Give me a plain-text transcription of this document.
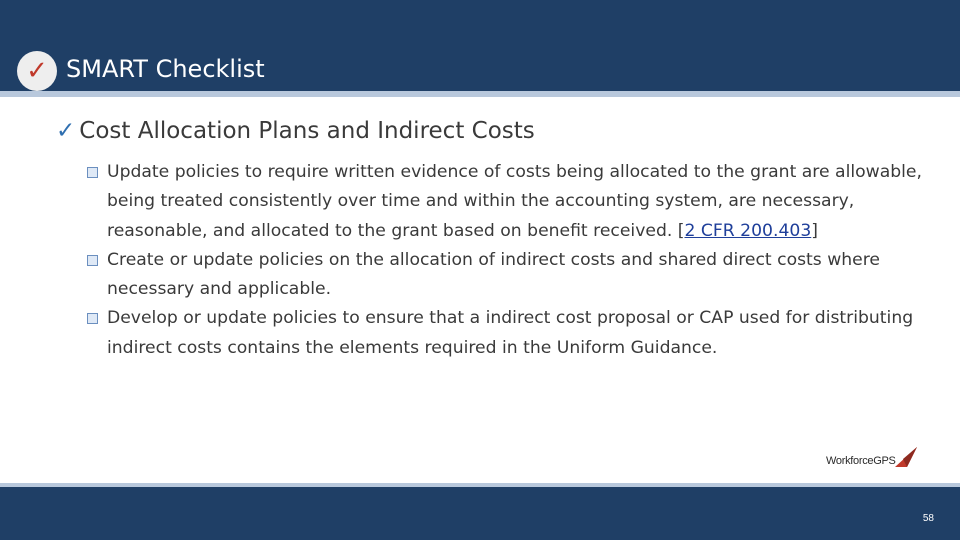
✓ SMART Checklist
✓ Cost Allocation Plans and Indirect Costs
Update policies to require written evidence of costs being allocated to the grant are allowable, being treated consistently over time and within the accounting system, are necessary, reasonable, and allocated to the grant based on benefit received. [2 CFR 200.403]
Create or update policies on the allocation of indirect costs and shared direct costs where necessary and applicable.
Develop or update policies to ensure that a indirect cost proposal or CAP used for distributing indirect costs contains the elements required in the Uniform Guidance.
WorkforceGPS
58
